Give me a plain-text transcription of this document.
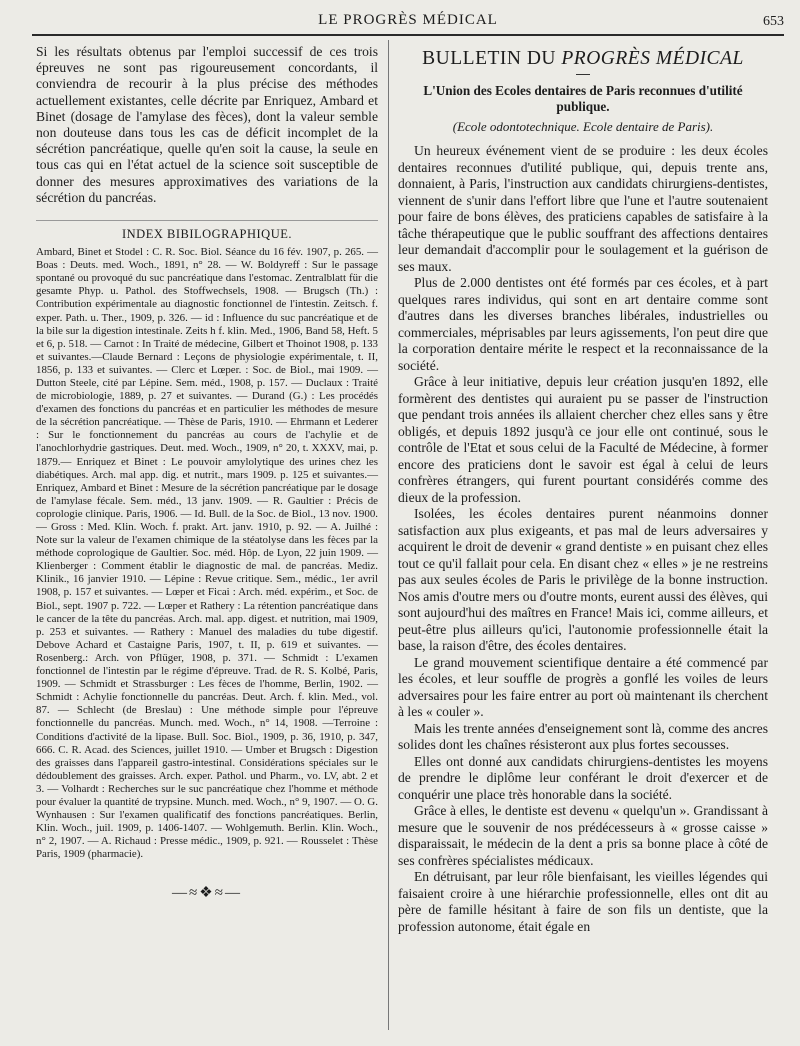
LE PROGRÈS MÉDICAL	653

Si les résultats obtenus par l'emploi successif de ces trois épreuves ne sont pas rigoureusement concordants, il conviendra de recourir à la plus précise des méthodes actuellement existantes, celle décrite par Enriquez, Ambard et Binet (dosage de l'amylase des fèces), dont la valeur semble non douteuse dans tous les cas de déficit incomplet de la sécrétion pancréatique, quelle qu'en soit la cause, la seule en tous cas qui en l'état actuel de la science soit susceptible de donner des mesures approximatives des variations de la sécrétion du pancréas.

INDEX BIBILOGRAPHIQUE.

Ambard, Binet et Stodel : C. R. Soc. Biol. Séance du 16 fév. 1907, p. 265. — Boas : Deuts. med. Woch., 1891, n° 28. — W. Boldyreff : Sur le passage spontané ou provoqué du suc pancréatique dans l'estomac. Zentralblatt für die gesamte Phyp. u. Pathol. des Stoffwechsels, 1908. — Brugsch (Th.) : Contribution expérimentale au diagnostic fonctionnel de l'intestin. Zeitsch. f. exper. Path. u. Ther., 1909, p. 326. — id : Influence du suc pancréatique et de la bile sur la digestion intestinale. Zeits h f. klin. Med., 1906, Band 58, Heft. 5 et 6, p. 518. — Carnot : In Traité de médecine, Gilbert et Thoinot 1908, p. 133 et suivantes.—Claude Bernard : Leçons de physiologie expérimentale, t. II, 1856, p. 133 et suivantes. — Clerc et Lœper. : Soc. de Biol., mai 1909. — Dutton Steele, cité par Lépine. Sem. méd., 1908, p. 157. — Duclaux : Traité de microbiologie, 1889, p. 27 et suivantes. — Durand (G.) : Les procédés d'examen des fonctions du pancréas et en particulier les méthodes de mesure de la sécrétion pancréatique. — Thèse de Paris, 1910. — Ehrmann et Lederer : Sur le fonctionnement du pancréas au cours de l'achylie et de l'anochlorhydrie gastriques. Deut. med. Woch., 1909, n° 20, t. XXXV, mai, p. 1879.— Enriquez et Binet : Le pouvoir amylolytique des urines chez les diabétiques. Arch. mal app. dig. et nutrit., mars 1909. p. 125 et suivantes.— Enriquez, Ambard et Binet : Mesure de la sécrétion pancréatique par le dosage de l'amylase fécale. Sem. méd., 13 janv. 1909. — R. Gaultier : Précis de coprologie clinique. Paris, 1906. — Id. Bull. de la Soc. de Biol., 13 nov. 1900. — Gross : Med. Klin. Woch. f. prakt. Art. janv. 1910, p. 92. — A. Juilhé : Note sur la valeur de l'examen chimique de la stéatolyse dans les fèces par la méthode coprologique de Gaultier. Soc. méd. Hôp. de Lyon, 22 juin 1909. — Klienberger : Comment établir le diagnostic de mal. de pancréas. Mediz. Klinik., 16 janvier 1910. — Lépine : Revue critique. Sem., médic., 1er avril 1908, p. 157 et suivantes. — Lœper et Ficai : Arch. méd. expérim., et Soc. de Biol., sept. 1907 p. 722. — Lœper et Rathery : La rétention pancréatique dans le cancer de la tête du pancréas. Arch. mal. app. digest. et nutrition, mai 1909, p. 253 et suivantes. — Rathery : Manuel des maladies du tube digestif. Debove Achard et Castaigne Paris, 1907, t. II, p. 619 et suivantes. — Rosenberg.: Arch. von Pflüger, 1908, p. 371. — Schmidt : L'examen fonctionnel de l'intestin par le régime d'épreuve. Trad. de R. S. Kolbé, Paris, 1909. — Schmidt et Strassburger : Les fèces de l'homme, Berlin, 1902. — Schmidt : Achylie fonctionnelle du pancréas. Deut. Arch. f. klin. Med., vol. 87. — Schlecht (de Breslau) : Une méthode simple pour l'épreuve fonctionnelle du pancréas. Munch. med. Woch., n° 14, 1908. —Terroine : Conditions d'activité de la lipase. Bull. Soc. Biol., 1909, p. 36, 1910, p. 347, 666. C. R. Acad. des Sciences, juillet 1910. — Umber et Brugsch : Digestion des graisses dans l'appareil gastro-intestinal. Considérations spéciales sur le dédoublement des graisses. Arch. exper. Pathol. und Pharm., vo. LV, abt. 2 et 3. — Volhardt : Recherches sur le suc pancréatique chez l'homme et méthode pour évaluer la quantité de trypsine. Munch. med. Woch., n° 9, 1907. — O. G. Wynhausen : Sur l'examen qualificatif des fonctions pancréatiques. Berlin, Klin. Woch., juil. 1909, p. 1406-1407. — Wohlgemuth. Berlin. Klin. Woch., n° 2, 1907. — A. Richaud : Presse médic., 1909, p. 921. — Rousselet : Thèse Paris, 1909 (pharmacie).

—≈❖≈—
BULLETIN DU PROGRÈS MÉDICAL
L'Union des Ecoles dentaires de Paris reconnues d'utilité publique.
(Ecole odontotechnique. Ecole dentaire de Paris).

Un heureux événement vient de se produire : les deux écoles dentaires reconnues d'utilité publique, qui, depuis trente ans, donnaient, à Paris, l'instruction aux candidats chirurgiens-dentistes, viennent de s'unir dans l'effort libre que l'une et l'autre soutenaient pour faire de bons élèves, des praticiens capables de satisfaire à la tâche thérapeutique que le public souffrant des affections dentaires leur demandait d'accomplir pour le soulagement et la guérison de ses maux.

Plus de 2.000 dentistes ont été formés par ces écoles, et à part quelques rares individus, qui sont en art dentaire comme sont d'autres dans les diverses branches libérales, industrielles ou commerciales, méprisables par leurs agissements, l'on peut dire que la corporation dentaire mérite le respect et la reconnaissance de la société.

Grâce à leur initiative, depuis leur création jusqu'en 1892, elle formèrent des dentistes qui auraient pu se passer de l'instruction que pendant trois années ils allaient chercher chez elles sans y être obligés, et depuis 1892 jusqu'à ce jour elle ont continué, sous le contrôle de l'Etat et sous celui de la Faculté de Médecine, à former encore des praticiens dont le savoir est égal à celui de leurs confrères étrangers, qui furent pourtant considérés comme des dieux de la profession.

Isolées, les écoles dentaires purent néanmoins donner satisfaction aux plus exigeants, et pas mal de leurs adversaires y acquirent le droit de devenir « grand dentiste » en puisant chez elles tout ce qu'il fallait pour cela. En disant chez « elles » je ne restreins pas aux seules écoles de Paris le privilège de la bonne instruction. Nos amis d'outre mers ou d'outre monts, eurent aussi des élèves, qui sont aujourd'hui des maîtres en France! Mais ici, comme ailleurs, et peut-être plus ailleurs qu'ici, l'autonomie professionnelle était la base, la raison d'être, des écoles dentaires.

Le grand mouvement scientifique dentaire a été commencé par les écoles, et leur souffle de progrès a gonflé les voiles de leurs adversaires pour les faire entrer au port où maintenant ils cherchent à les « couler ».

Mais les trente années d'enseignement sont là, comme des ancres solides dont les chaînes résisteront aux plus fortes secousses.

Elles ont donné aux candidats chirurgiens-dentistes les moyens de prendre le diplôme leur conférant le droit d'exercer et de conquérir une place très honorable dans la société.

Grâce à elles, le dentiste est devenu « quelqu'un ». Grandissant à mesure que le souvenir de nos prédécesseurs à « grosse caisse » disparaissait, le médecin de la dent a pris sa bonne place à côté de ses confrères spécialistes médicaux.

En détruisant, par leur rôle bienfaisant, les vieilles légendes qui faisaient croire à une hiérarchie professionnelle, elles ont dit au père de famille hésitant à faire de son fils un dentiste, que la profession autonome, était égale en
